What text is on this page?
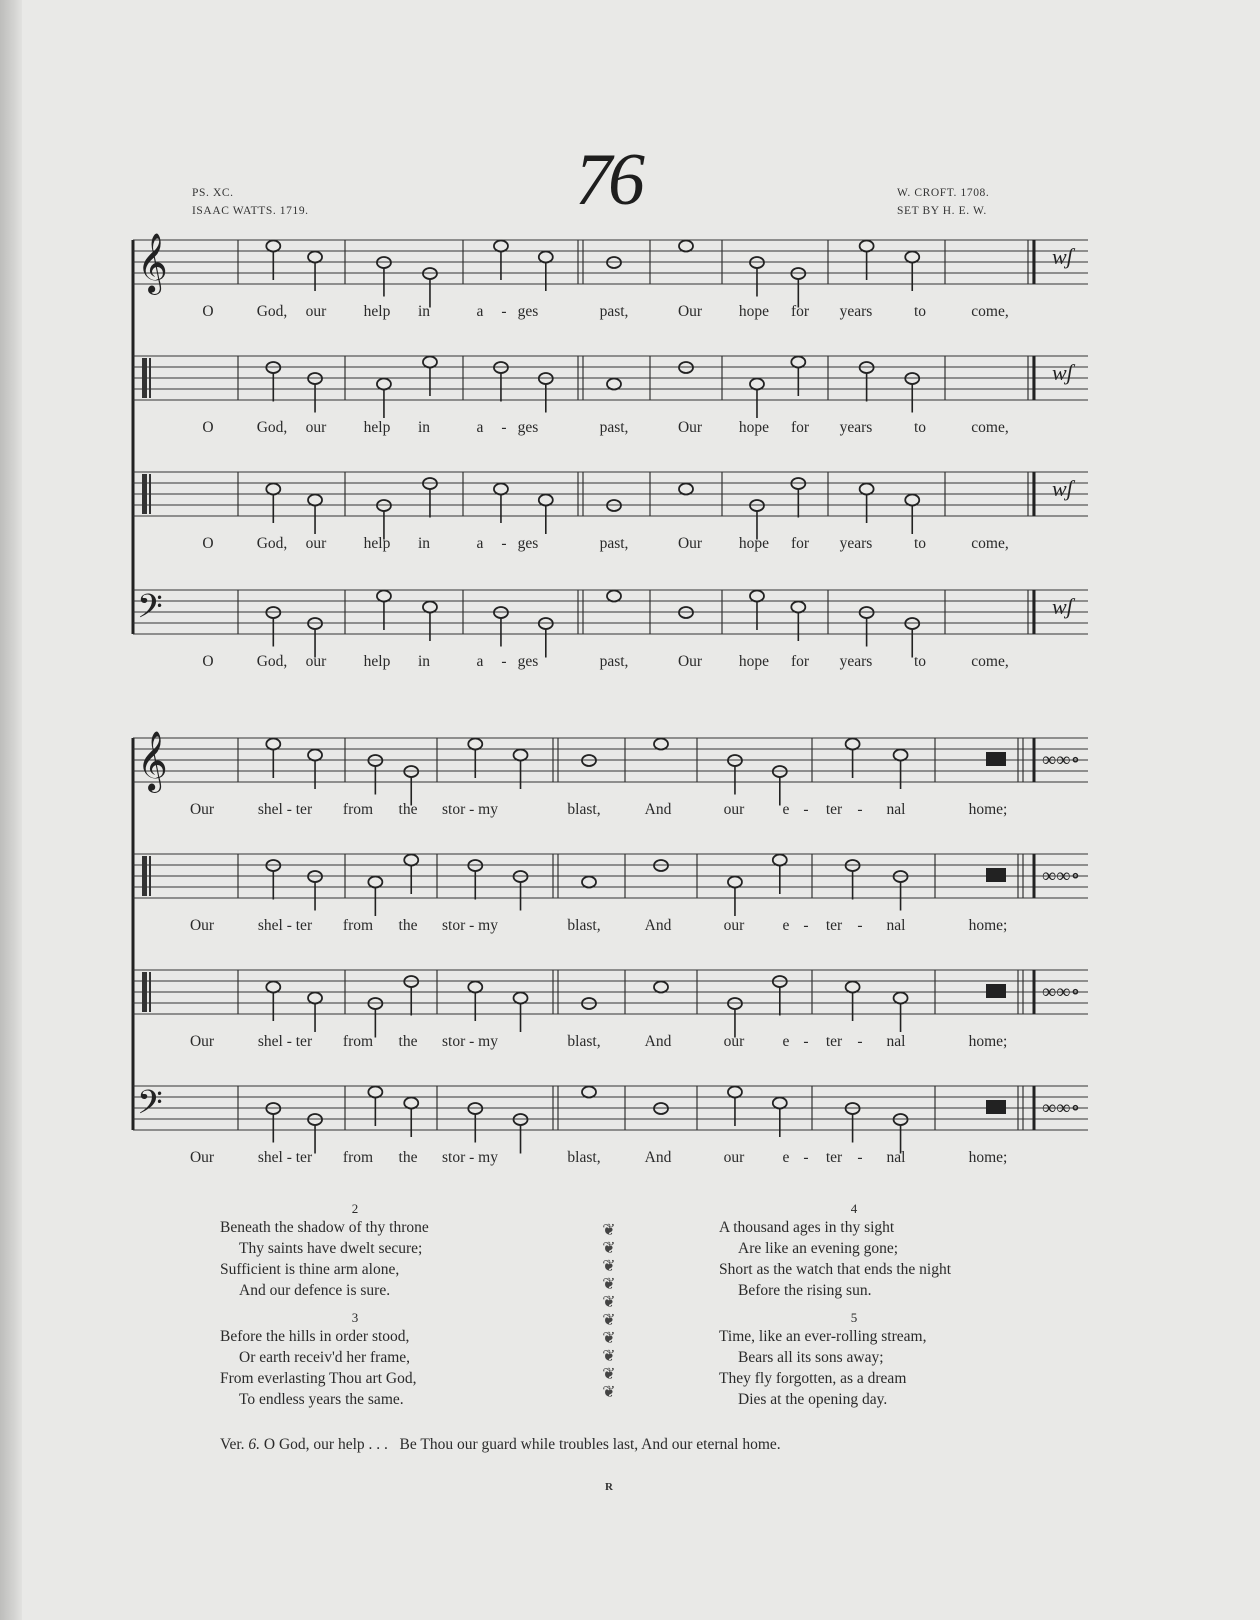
76
PS. XC.
ISAAC WATTS. 1719.
W. CROFT. 1708.
SET BY H. E. W.
𝄞	wʃ
O	God, our help in	a - ges	past,	Our hope for years	to	come,
wʃ
O	God, our help in	a - ges	past,	Our hope for years	to	come,
wʃ
O	God, our help in	a - ges	past,	Our hope for years	to	come,
𝄢	wʃ
O	God, our help in	a - ges	past,	Our hope for years	to	come,
𝄞	∞∞∘
Our	shel - ter from the stor - my	blast,	And	our e - ter - nal	home;
∞∞∘
Our	shel - ter from the stor - my	blast,	And	our e - ter - nal	home;
∞∞∘
Our	shel - ter from the stor - my	blast,	And	our e - ter - nal	home;
𝄢	∞∞∘
Our	shel - ter from the stor - my	blast,	And	our e - ter - nal	home;
2
Beneath the shadow of thy throne
Thy saints have dwelt secure;
Sufficient is thine arm alone,
And our defence is sure.
3
Before the hills in order stood,
Or earth receiv'd her frame,
From everlasting Thou art God,
To endless years the same.
❦
❦
❦
❦
❦
❦
❦
❦
❦
❦
4
A thousand ages in thy sight
Are like an evening gone;
Short as the watch that ends the night
Before the rising sun.
5
Time, like an ever-rolling stream,
Bears all its sons away;
They fly forgotten, as a dream
Dies at the opening day.
Ver. 6. O God, our help . . .   Be Thou our guard while troubles last, And our eternal home.
R
